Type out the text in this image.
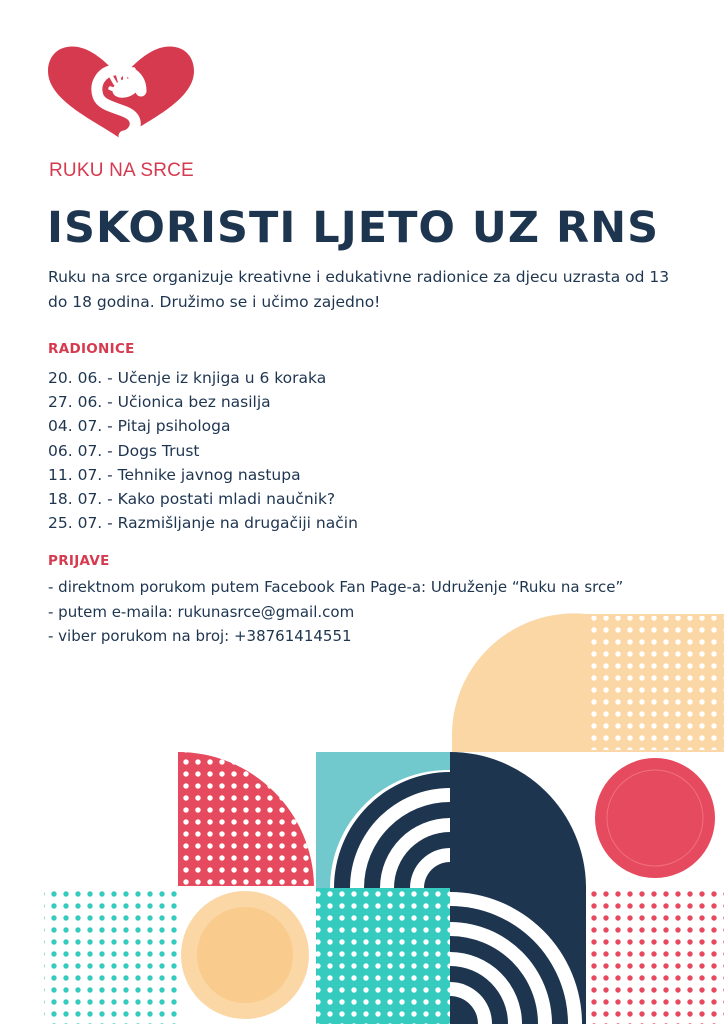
RUKU NA SRCE
ISKORISTI LJETO UZ RNS
Ruku na srce organizuje kreativne i edukativne radionice za djecu uzrasta od 13 do 18 godina. Družimo se i učimo zajedno!
RADIONICE
20. 06. - Učenje iz knjiga u 6 koraka
27. 06. - Učionica bez nasilja
04. 07. - Pitaj psihologa
06. 07. - Dogs Trust
11. 07. - Tehnike javnog nastupa
18. 07. - Kako postati mladi naučnik?
25. 07. - Razmišljanje na drugačiji način
PRIJAVE
- direktnom porukom putem Facebook Fan Page-a: Udruženje “Ruku na srce”
- putem e-maila: rukunasrce@gmail.com
- viber porukom na broj: +38761414551
